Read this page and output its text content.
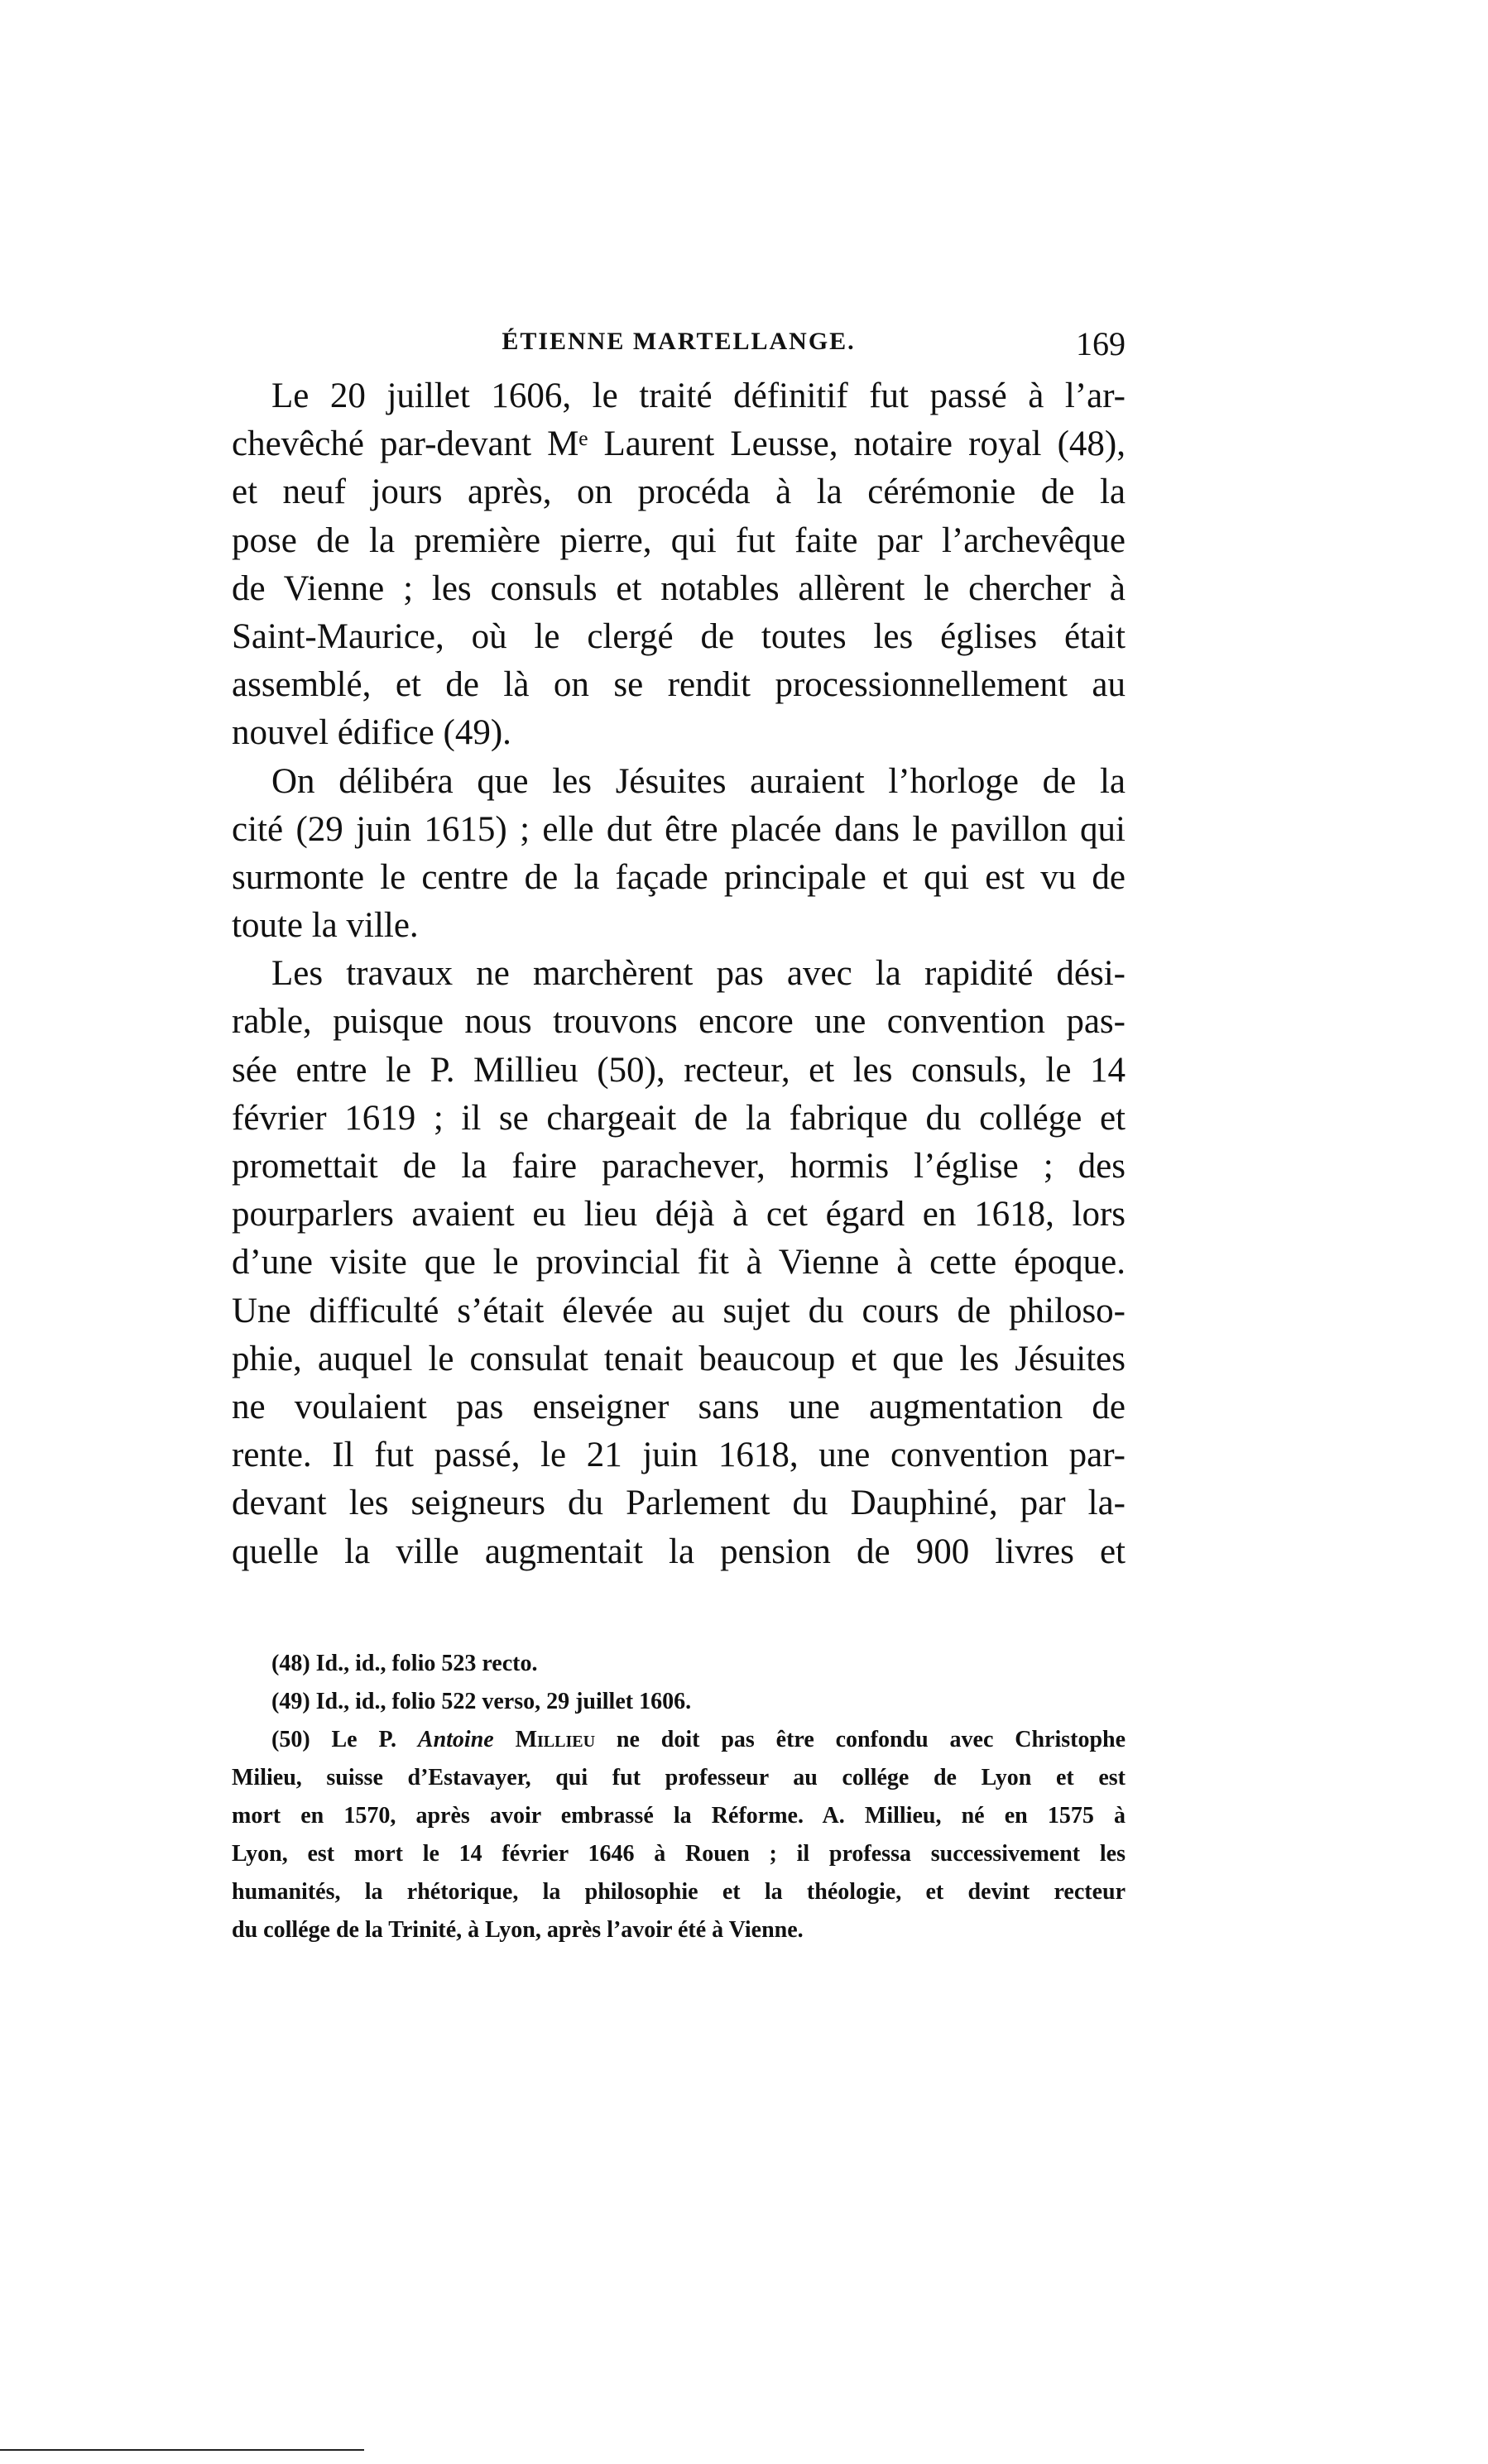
ÉTIENNE MARTELLANGE.	169
Le 20 juillet 1606, le traité définitif fut passé à l’ar-
chevêché par-devant Mᵉ Laurent Leusse, notaire royal (48),
et neuf jours après, on procéda à la cérémonie de la
pose de la première pierre, qui fut faite par l’archevêque
de Vienne ; les consuls et notables allèrent le chercher à
Saint-Maurice, où le clergé de toutes les églises était
assemblé, et de là on se rendit processionnellement au
nouvel édifice (49).
On délibéra que les Jésuites auraient l’horloge de la
cité (29 juin 1615) ; elle dut être placée dans le pavillon qui
surmonte le centre de la façade principale et qui est vu de
toute la ville.
Les travaux ne marchèrent pas avec la rapidité dési-
rable, puisque nous trouvons encore une convention pas-
sée entre le P. Millieu (50), recteur, et les consuls, le 14
février 1619 ; il se chargeait de la fabrique du collége et
promettait de la faire parachever, hormis l’église ; des
pourparlers avaient eu lieu déjà à cet égard en 1618, lors
d’une visite que le provincial fit à Vienne à cette époque.
Une difficulté s’était élevée au sujet du cours de philoso-
phie, auquel le consulat tenait beaucoup et que les Jésuites
ne voulaient pas enseigner sans une augmentation de
rente. Il fut passé, le 21 juin 1618, une convention par-
devant les seigneurs du Parlement du Dauphiné, par la-
quelle la ville augmentait la pension de 900 livres et
(48) Id., id., folio 523 recto.
(49) Id., id., folio 522 verso, 29 juillet 1606.
(50) Le P. Antoine Millieu ne doit pas être confondu avec Christophe
Milieu, suisse d’Estavayer, qui fut professeur au collége de Lyon et est
mort en 1570, après avoir embrassé la Réforme. A. Millieu, né en 1575 à
Lyon, est mort le 14 février 1646 à Rouen ; il professa successivement les
humanités, la rhétorique, la philosophie et la théologie, et devint recteur
du collége de la Trinité, à Lyon, après l’avoir été à Vienne.
